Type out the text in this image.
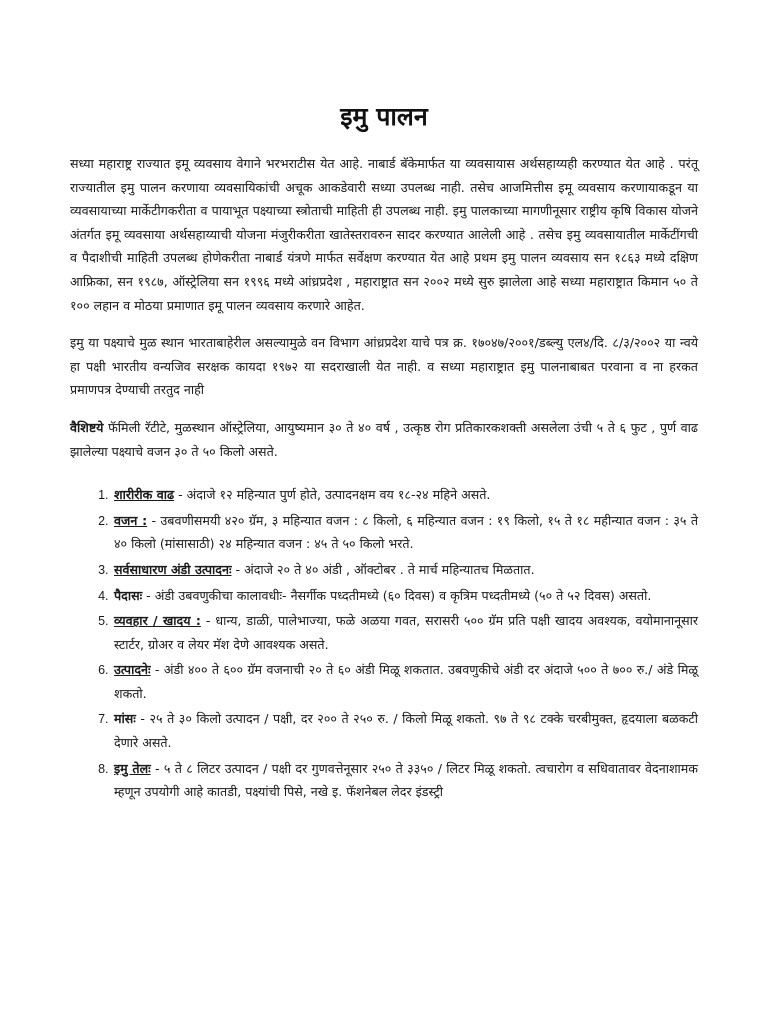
इमु पालन

सध्या महाराष्ट्र राज्यात इमू व्यवसाय वेगाने भरभराटीस येत आहे. नाबार्ड बॅकेमार्फत या व्यवसायास अर्थसहाय्यही करण्यात येत आहे . परंतू राज्यातील इमु पालन करणाया व्यवसायिकांची अचूक आकडेवारी सध्या उपलब्ध नाही. तसेच आजमित्तीस इमू व्यवसाय करणायाकडून या व्यवसायाच्या मार्केटीगकरीता व पायाभूत पक्ष्याच्या स्त्रोताची माहिती ही उपलब्ध नाही. इमु पालकाच्या मागणीनूसार राष्ट्रीय कृषि विकास योजने अंतर्गत इमू व्यवसाया अर्थसहाय्याची योजना मंजुरीकरीता खातेस्तरावरुन सादर करण्यात आलेली आहे . तसेच इमु व्यवसायातील मार्केटींगची व पैदाशीची माहिती उपलब्ध होणेकरीता नाबार्ड यंत्रणे मार्फत सर्वेक्षण करण्यात येत आहे प्रथम इमु पालन व्यवसाय सन १८६३ मध्ये दक्षिण आफ्रिका, सन १९८७, ऑस्ट्रेलिया सन १९९६ मध्ये आंध्रप्रदेश , महाराष्ट्रात सन २००२ मध्ये सुरु झालेला आहे सध्या महाराष्ट्रात किमान ५० ते १०० लहान व मोठया प्रमाणात इमू पालन व्यवसाय करणारे आहेत.

इमु या पक्ष्याचे मुळ स्थान भारताबाहेरील असल्यामुळे वन विभाग आंध्रप्रदेश याचे पत्र क्र. १७०४७/२००१/डब्ल्यु एल४/दि. ८/३/२००२ या न्वये हा पक्षी भारतीय वन्यजिव सरक्षक कायदा १९७२ या सदराखाली येत नाही. व सध्या महाराष्ट्रात इमु पालनाबाबत परवाना व ना हरकत प्रमाणपत्र देण्याची तरतुद नाही

वैशिष्टये फॅमिली रॅटीटे, मुळस्थान ऑस्ट्रेलिया, आयुष्यमान ३० ते ४० वर्ष , उत्कृष्ठ रोग प्रतिकारकशक्ती असलेला उंची ५ ते ६ फुट , पुर्ण वाढ झालेल्या पक्ष्याचे वजन ३० ते ५० किलो असते.

1. शारीरीक वाढ - अंदाजे १२ महिन्यात पुर्ण होते, उत्पादनक्षम वय १८-२४ महिने असते.
2. वजन : - उबवणीसमयी ४२० ग्रॅम, ३ महिन्यात वजन : ८ किलो, ६ महिन्यात वजन : १९ किलो, १५ ते १८ महीन्यात वजन : ३५ ते ४० किलो (मांसासाठी) २४ महिन्यात वजन : ४५ ते ५० किलो भरते.
3. सर्वसाधारण अंडी उत्पादनः - अंदाजे २० ते ४० अंडी , ऑक्टोबर . ते मार्च महिन्यातच मिळतात.
4. पैदासः - अंडी उबवणुकीचा कालावधीः- नैसर्गीक पध्दतीमध्ये (६० दिवस) व कृत्रिम पध्दतीमध्ये (५० ते ५२ दिवस) असतो.
5. व्यवहार / खादय : - धान्य, डाळी, पालेभाज्या, फळे अळया गवत, सरासरी ५०० ग्रॅम प्रति पक्षी खादय अवश्यक, वयोमानानूसार स्टार्टर, ग्रोअर व लेयर मॅश देणे आवश्यक असते.
6. उत्पादनेः - अंडी ४०० ते ६०० ग्रॅम वजनाची २० ते ६० अंडी मिळू शकतात. उबवणुकीचे अंडी दर अंदाजे ५०० ते ७०० रु./ अंडे मिळू शकतो.
7. मांसः - २५ ते ३० किलो उत्पादन / पक्षी, दर २०० ते २५० रु. / किलो मिळू शकतो. ९७ ते ९८ टक्के चरबीमुक्त, हृदयाला बळकटी देणारे असते.
8. इमु तेलः - ५ ते ८ लिटर उत्पादन / पक्षी दर गुणवत्तेनूसार २५० ते ३३५० / लिटर मिळू शकतो. त्वचारोग व सधिवातावर वेदनाशामक म्हणून उपयोगी आहे कातडी, पक्ष्यांची पिसे, नखे इ. फॅशनेबल लेदर इंडस्ट्री
